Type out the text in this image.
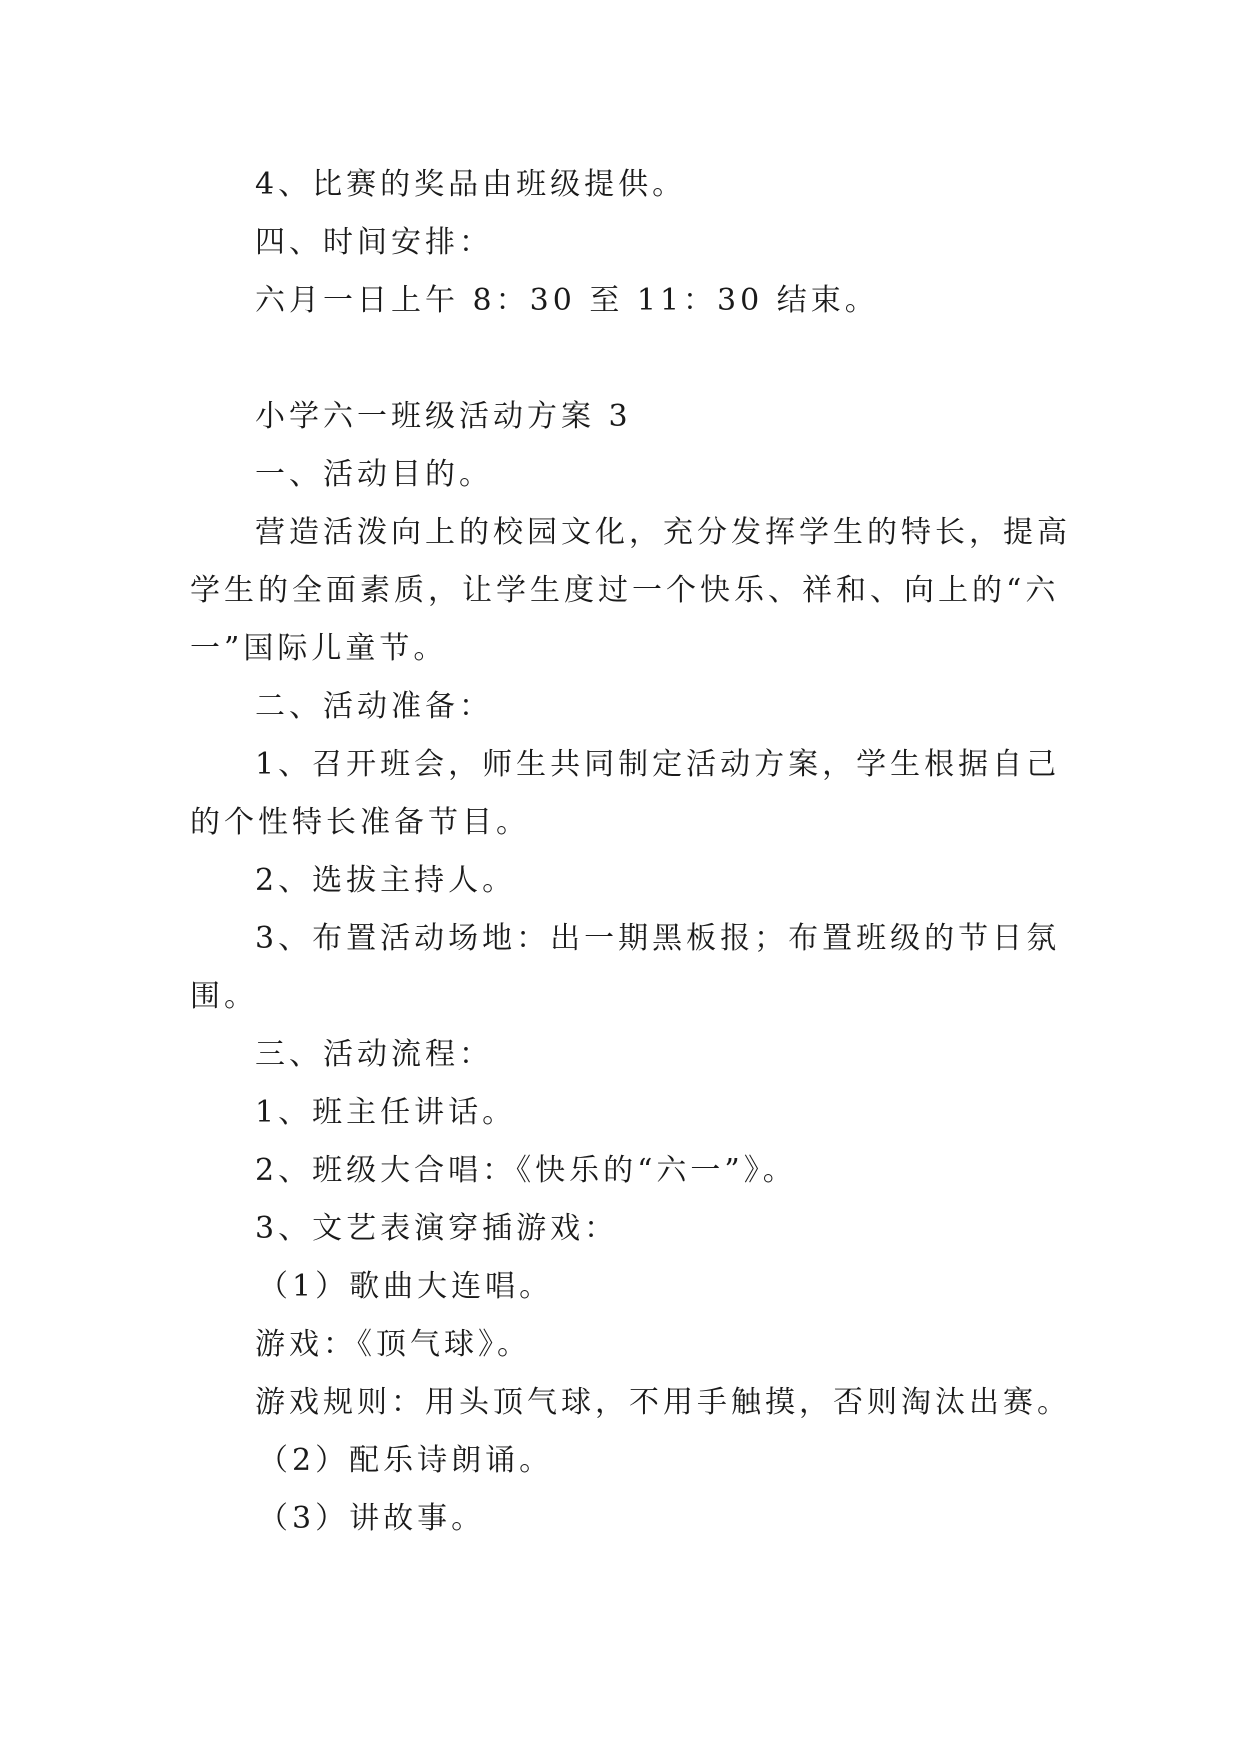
4、比赛的奖品由班级提供。
四、时间安排：
六月一日上午 8：30 至 11：30 结束。
小学六一班级活动方案 3
一、活动目的。
营造活泼向上的校园文化，充分发挥学生的特长，提高
学生的全面素质，让学生度过一个快乐、祥和、向上的“六
一”国际儿童节。
二、活动准备：
1、召开班会，师生共同制定活动方案，学生根据自己
的个性特长准备节目。
2、选拔主持人。
3、布置活动场地：出一期黑板报；布置班级的节日氛
围。
三、活动流程：
1、班主任讲话。
2、班级大合唱：《快乐的“六一”》。
3、文艺表演穿插游戏：
（1）歌曲大连唱。
游戏：《顶气球》。
游戏规则：用头顶气球，不用手触摸，否则淘汰出赛。
（2）配乐诗朗诵。
（3）讲故事。
